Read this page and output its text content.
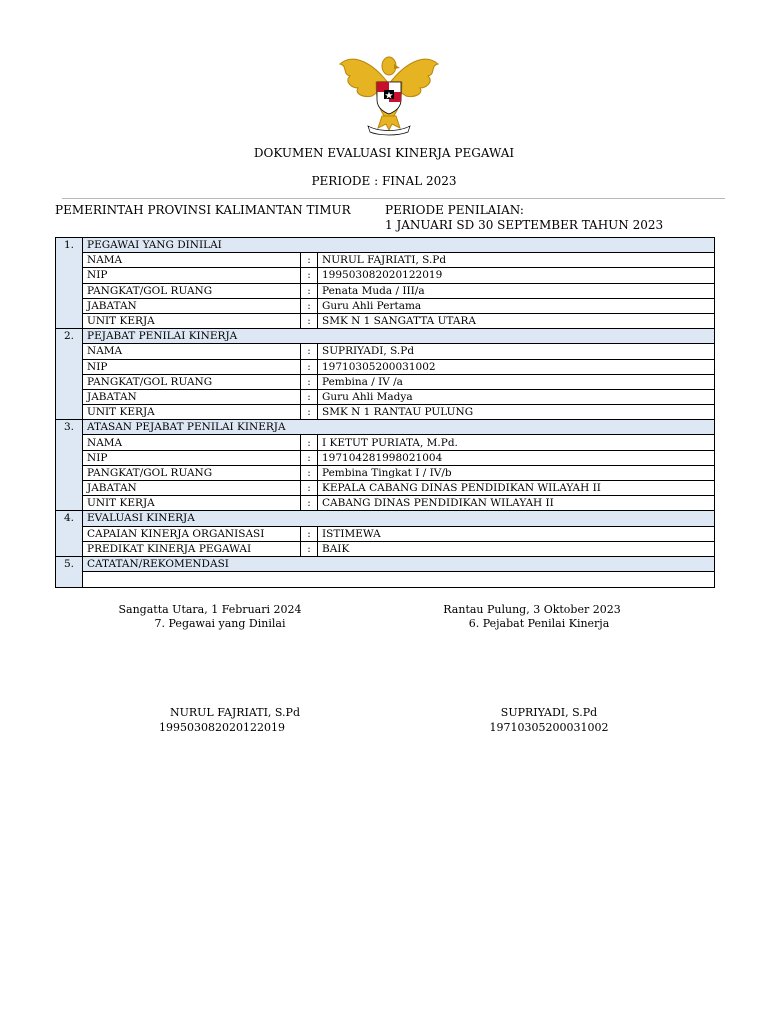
DOKUMEN EVALUASI KINERJA PEGAWAI
PERIODE : FINAL 2023
PEMERINTAH PROVINSI KALIMANTAN TIMUR	PERIODE PENILAIAN:
1 JANUARI SD 30 SEPTEMBER TAHUN 2023
1.	PEGAWAI YANG DINILAI		
	NAMA	:	NURUL FAJRIATI, S.Pd
	NIP	:	199503082020122019
	PANGKAT/GOL RUANG	:	Penata Muda / III/a
	JABATAN	:	Guru Ahli Pertama
	UNIT KERJA	:	SMK N 1 SANGATTA UTARA
2.	PEJABAT PENILAI KINERJA		
	NAMA	:	SUPRIYADI, S.Pd
	NIP	:	19710305200031002
	PANGKAT/GOL RUANG	:	Pembina / IV /a
	JABATAN	:	Guru Ahli Madya
	UNIT KERJA	:	SMK N 1 RANTAU PULUNG
3.	ATASAN PEJABAT PENILAI KINERJA		
	NAMA	:	I KETUT PURIATA, M.Pd.
	NIP	:	197104281998021004
	PANGKAT/GOL RUANG	:	Pembina Tingkat I / IV/b
	JABATAN	:	KEPALA CABANG DINAS PENDIDIKAN WILAYAH II
	UNIT KERJA	:	CABANG DINAS PENDIDIKAN WILAYAH II
4.	EVALUASI KINERJA		
	CAPAIAN KINERJA ORGANISASI	:	ISTIMEWA
	PREDIKAT KINERJA PEGAWAI	:	BAIK
5.	CATATAN/REKOMENDASI		

Sangatta Utara, 1 Februari 2024
7. Pegawai yang Dinilai
NURUL FAJRIATI, S.Pd
199503082020122019
Rantau Pulung, 3 Oktober 2023
6. Pejabat Penilai Kinerja
SUPRIYADI, S.Pd
19710305200031002
